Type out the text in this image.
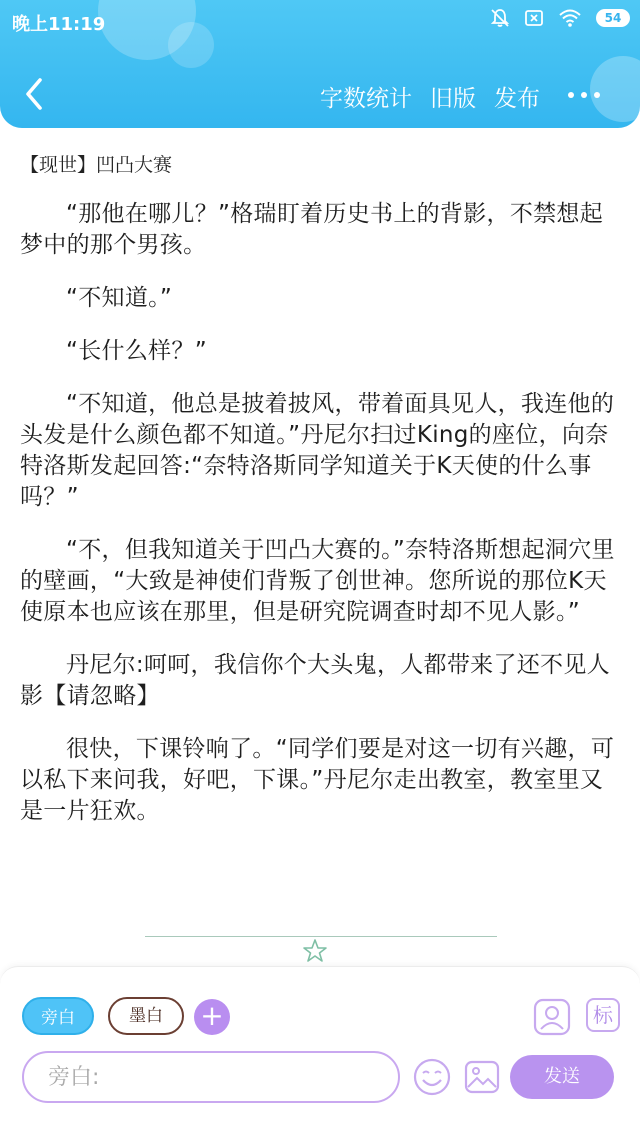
晚上11:19	54
字数统计 旧版 发布

【现世】凹凸大赛

“那他在哪儿？”格瑞盯着历史书上的背影，不禁想起梦中的那个男孩。

“不知道。”

“长什么样？”

“不知道，他总是披着披风，带着面具见人，我连他的头发是什么颜色都不知道。”丹尼尔扫过King的座位，向奈特洛斯发起回答:“奈特洛斯同学知道关于K天使的什么事吗？”

“不，但我知道关于凹凸大赛的。”奈特洛斯想起洞穴里的壁画，“大致是神使们背叛了创世神。您所说的那位K天使原本也应该在那里，但是研究院调查时却不见人影。”

丹尼尔:呵呵，我信你个大头鬼，人都带来了还不见人影【请忽略】

很快，下课铃响了。“同学们要是对这一切有兴趣，可以私下来问我，好吧，下课。”丹尼尔走出教室，教室里又是一片狂欢。

旁白	墨白	+
旁白:
发送
标
